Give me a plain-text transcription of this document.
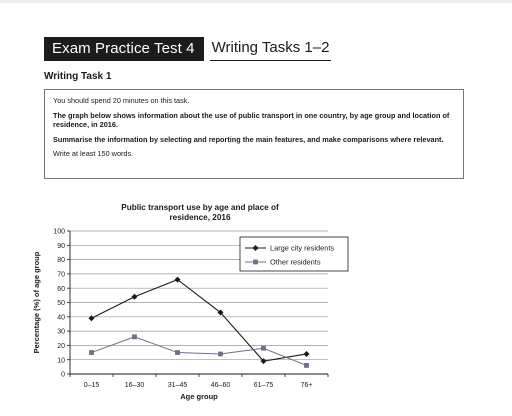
Exam Practice Test 4	Writing Tasks 1–2
Writing Task 1

You should spend 20 minutes on this task.

The graph below shows information about the use of public transport in one country, by age group and location of residence, in 2016.

Summarise the information by selecting and reporting the main features, and make comparisons where relevant.

Write at least 150 words.

Public transport use by age and place of
residence, 2016
0
10
20
30
40
50
60
70
80
90
100
0–15	16–30	31–45	46–60	61–75	76+
Age group
Percentage (%) of age group
Large city residents
Other residents
